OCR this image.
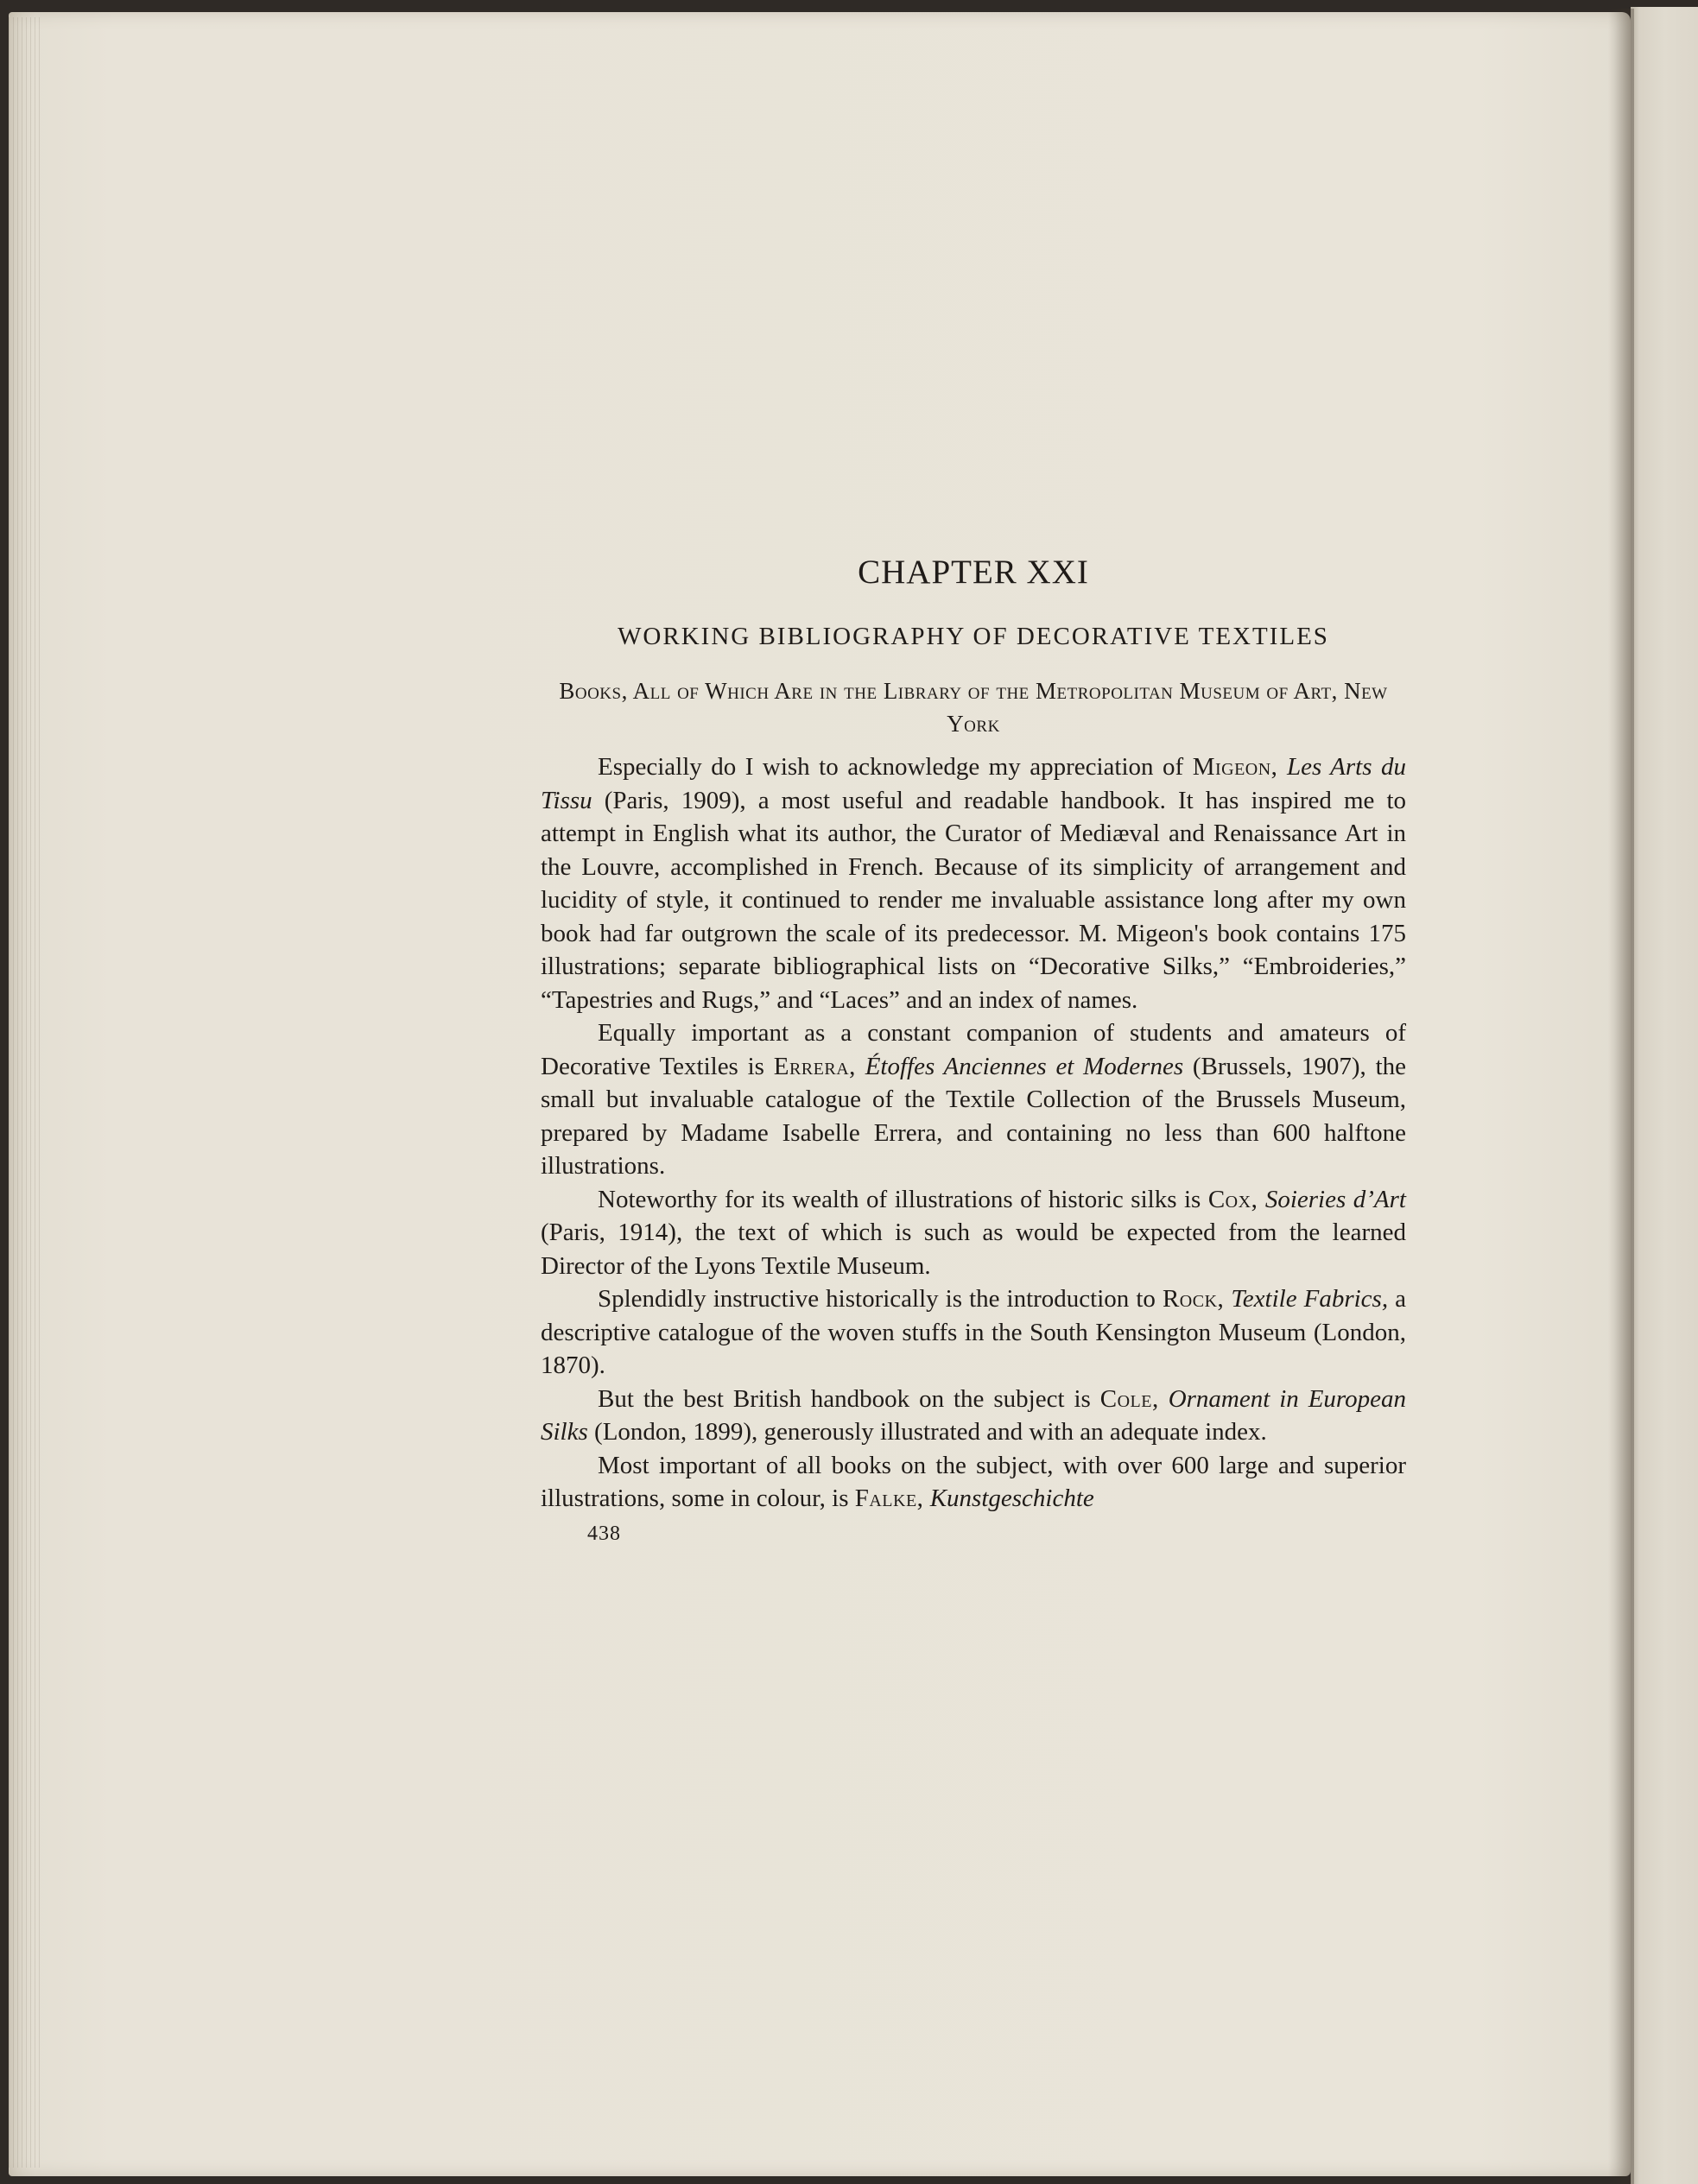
CHAPTER XXI
WORKING BIBLIOGRAPHY OF DECORATIVE TEXTILES
Books, All of Which Are in the Library of the Metropolitan Museum of Art, New York

Especially do I wish to acknowledge my appreciation of Migeon, Les Arts du Tissu (Paris, 1909), a most useful and readable handbook. It has inspired me to attempt in English what its author, the Curator of Mediæval and Renaissance Art in the Louvre, accomplished in French. Because of its simplicity of arrangement and lucidity of style, it continued to render me invaluable assistance long after my own book had far outgrown the scale of its predecessor. M. Migeon's book contains 175 illustrations; separate bibliographical lists on “Decorative Silks,” “Embroideries,” “Tapestries and Rugs,” and “Laces” and an index of names.

Equally important as a constant companion of students and amateurs of Decorative Textiles is Errera, Étoffes Anciennes et Modernes (Brussels, 1907), the small but invaluable catalogue of the Textile Collection of the Brussels Museum, prepared by Madame Isabelle Errera, and containing no less than 600 halftone illustrations.

Noteworthy for its wealth of illustrations of historic silks is Cox, Soieries d’Art (Paris, 1914), the text of which is such as would be expected from the learned Director of the Lyons Textile Museum.

Splendidly instructive historically is the introduction to Rock, Textile Fabrics, a descriptive catalogue of the woven stuffs in the South Kensington Museum (London, 1870).

But the best British handbook on the subject is Cole, Ornament in European Silks (London, 1899), generously illustrated and with an adequate index.

Most important of all books on the subject, with over 600 large and superior illustrations, some in colour, is Falke, Kunstgeschichte

438
